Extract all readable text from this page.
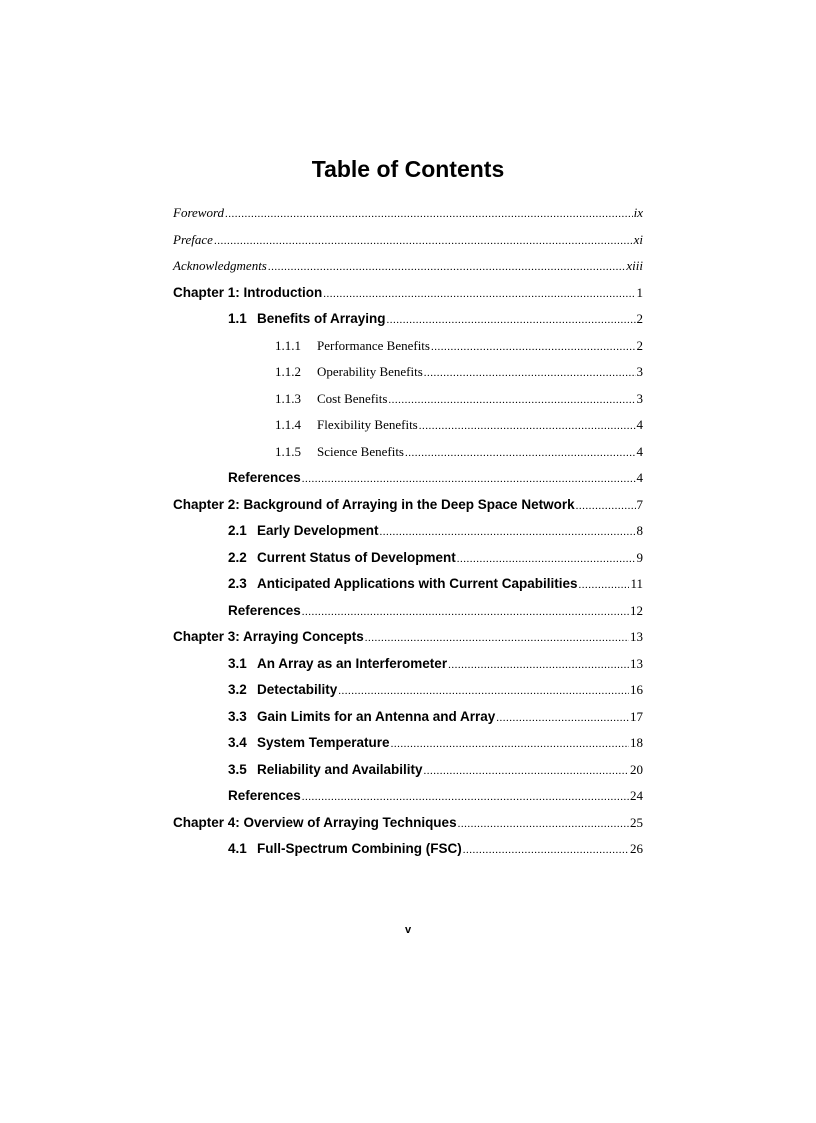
Table of Contents
Foreword .....	ix
Preface .....	xi
Acknowledgments .....	xiii
Chapter 1: Introduction .....	1
1.1 Benefits of Arraying .....	2
1.1.1 Performance Benefits .....	2
1.1.2 Operability Benefits .....	3
1.1.3 Cost Benefits .....	3
1.1.4 Flexibility Benefits .....	4
1.1.5 Science Benefits .....	4
References .....	4
Chapter 2: Background of Arraying in the Deep Space Network .....	7
2.1 Early Development .....	8
2.2 Current Status of Development .....	9
2.3 Anticipated Applications with Current Capabilities .....	11
References .....	12
Chapter 3: Arraying Concepts .....	13
3.1 An Array as an Interferometer .....	13
3.2 Detectability .....	16
3.3 Gain Limits for an Antenna and Array .....	17
3.4 System Temperature .....	18
3.5 Reliability and Availability .....	20
References .....	24
Chapter 4: Overview of Arraying Techniques .....	25
4.1 Full-Spectrum Combining (FSC) .....	26
v
